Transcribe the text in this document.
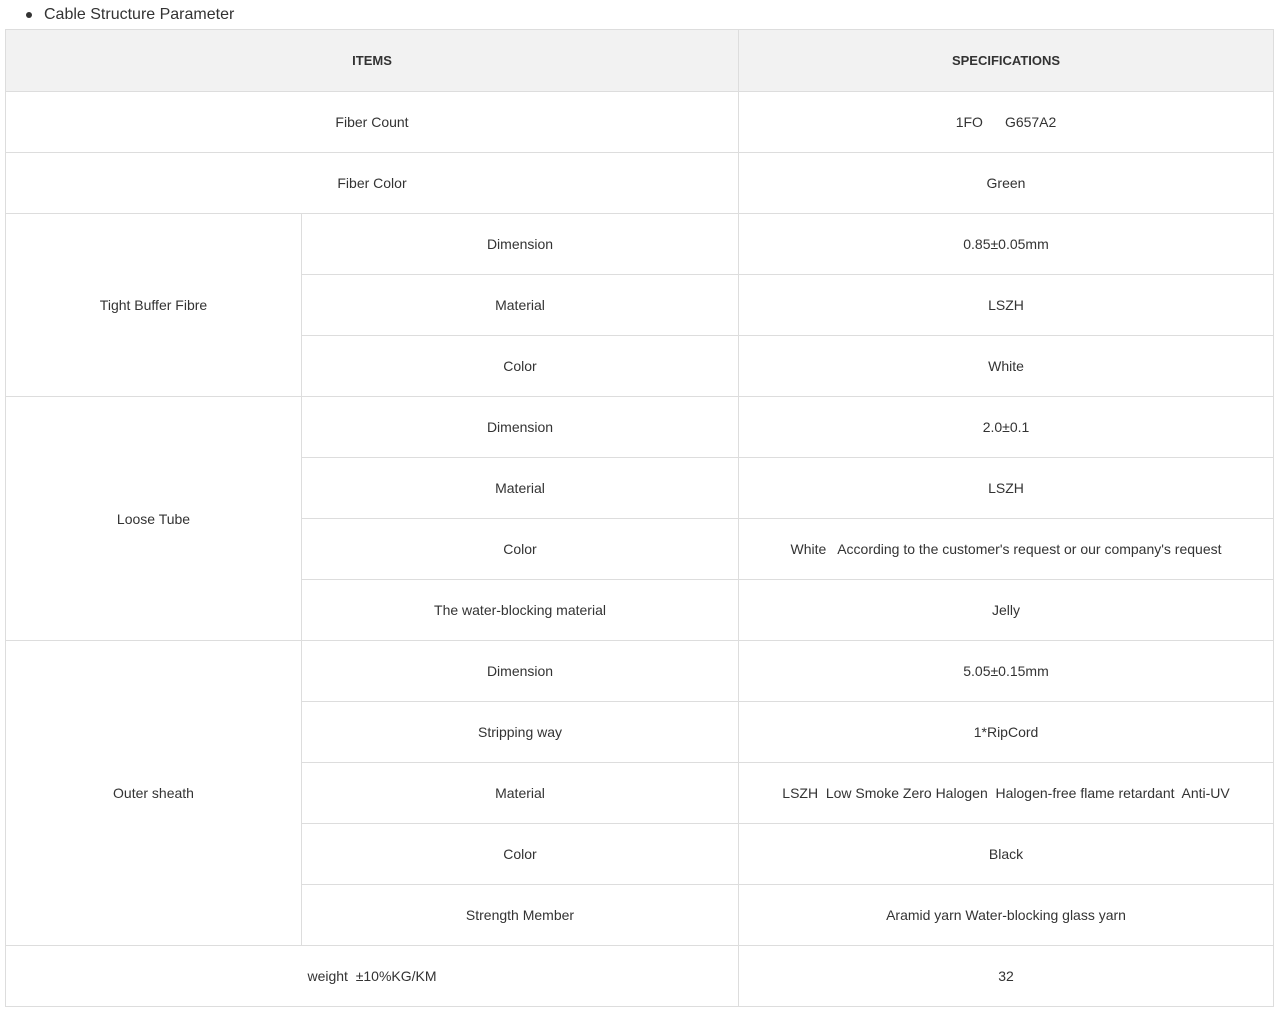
Cable Structure Parameter
ITEMS		SPECIFICATIONS
Fiber Count		1FO G657A2
Fiber Color		Green
Tight Buffer Fibre	Dimension	0.85±0.05mm
	Material	LSZH
	Color	White
Loose Tube	Dimension	2.0±0.1
	Material	LSZH
	Color	White   According to the customer's request or our company's request
	The water-blocking material	Jelly
Outer sheath	Dimension	5.05±0.15mm
	Stripping way	1*RipCord
	Material	LSZH  Low Smoke Zero Halogen  Halogen-free flame retardant  Anti-UV
	Color	Black
	Strength Member	Aramid yarn Water-blocking glass yarn
weight  ±10%KG/KM		32
